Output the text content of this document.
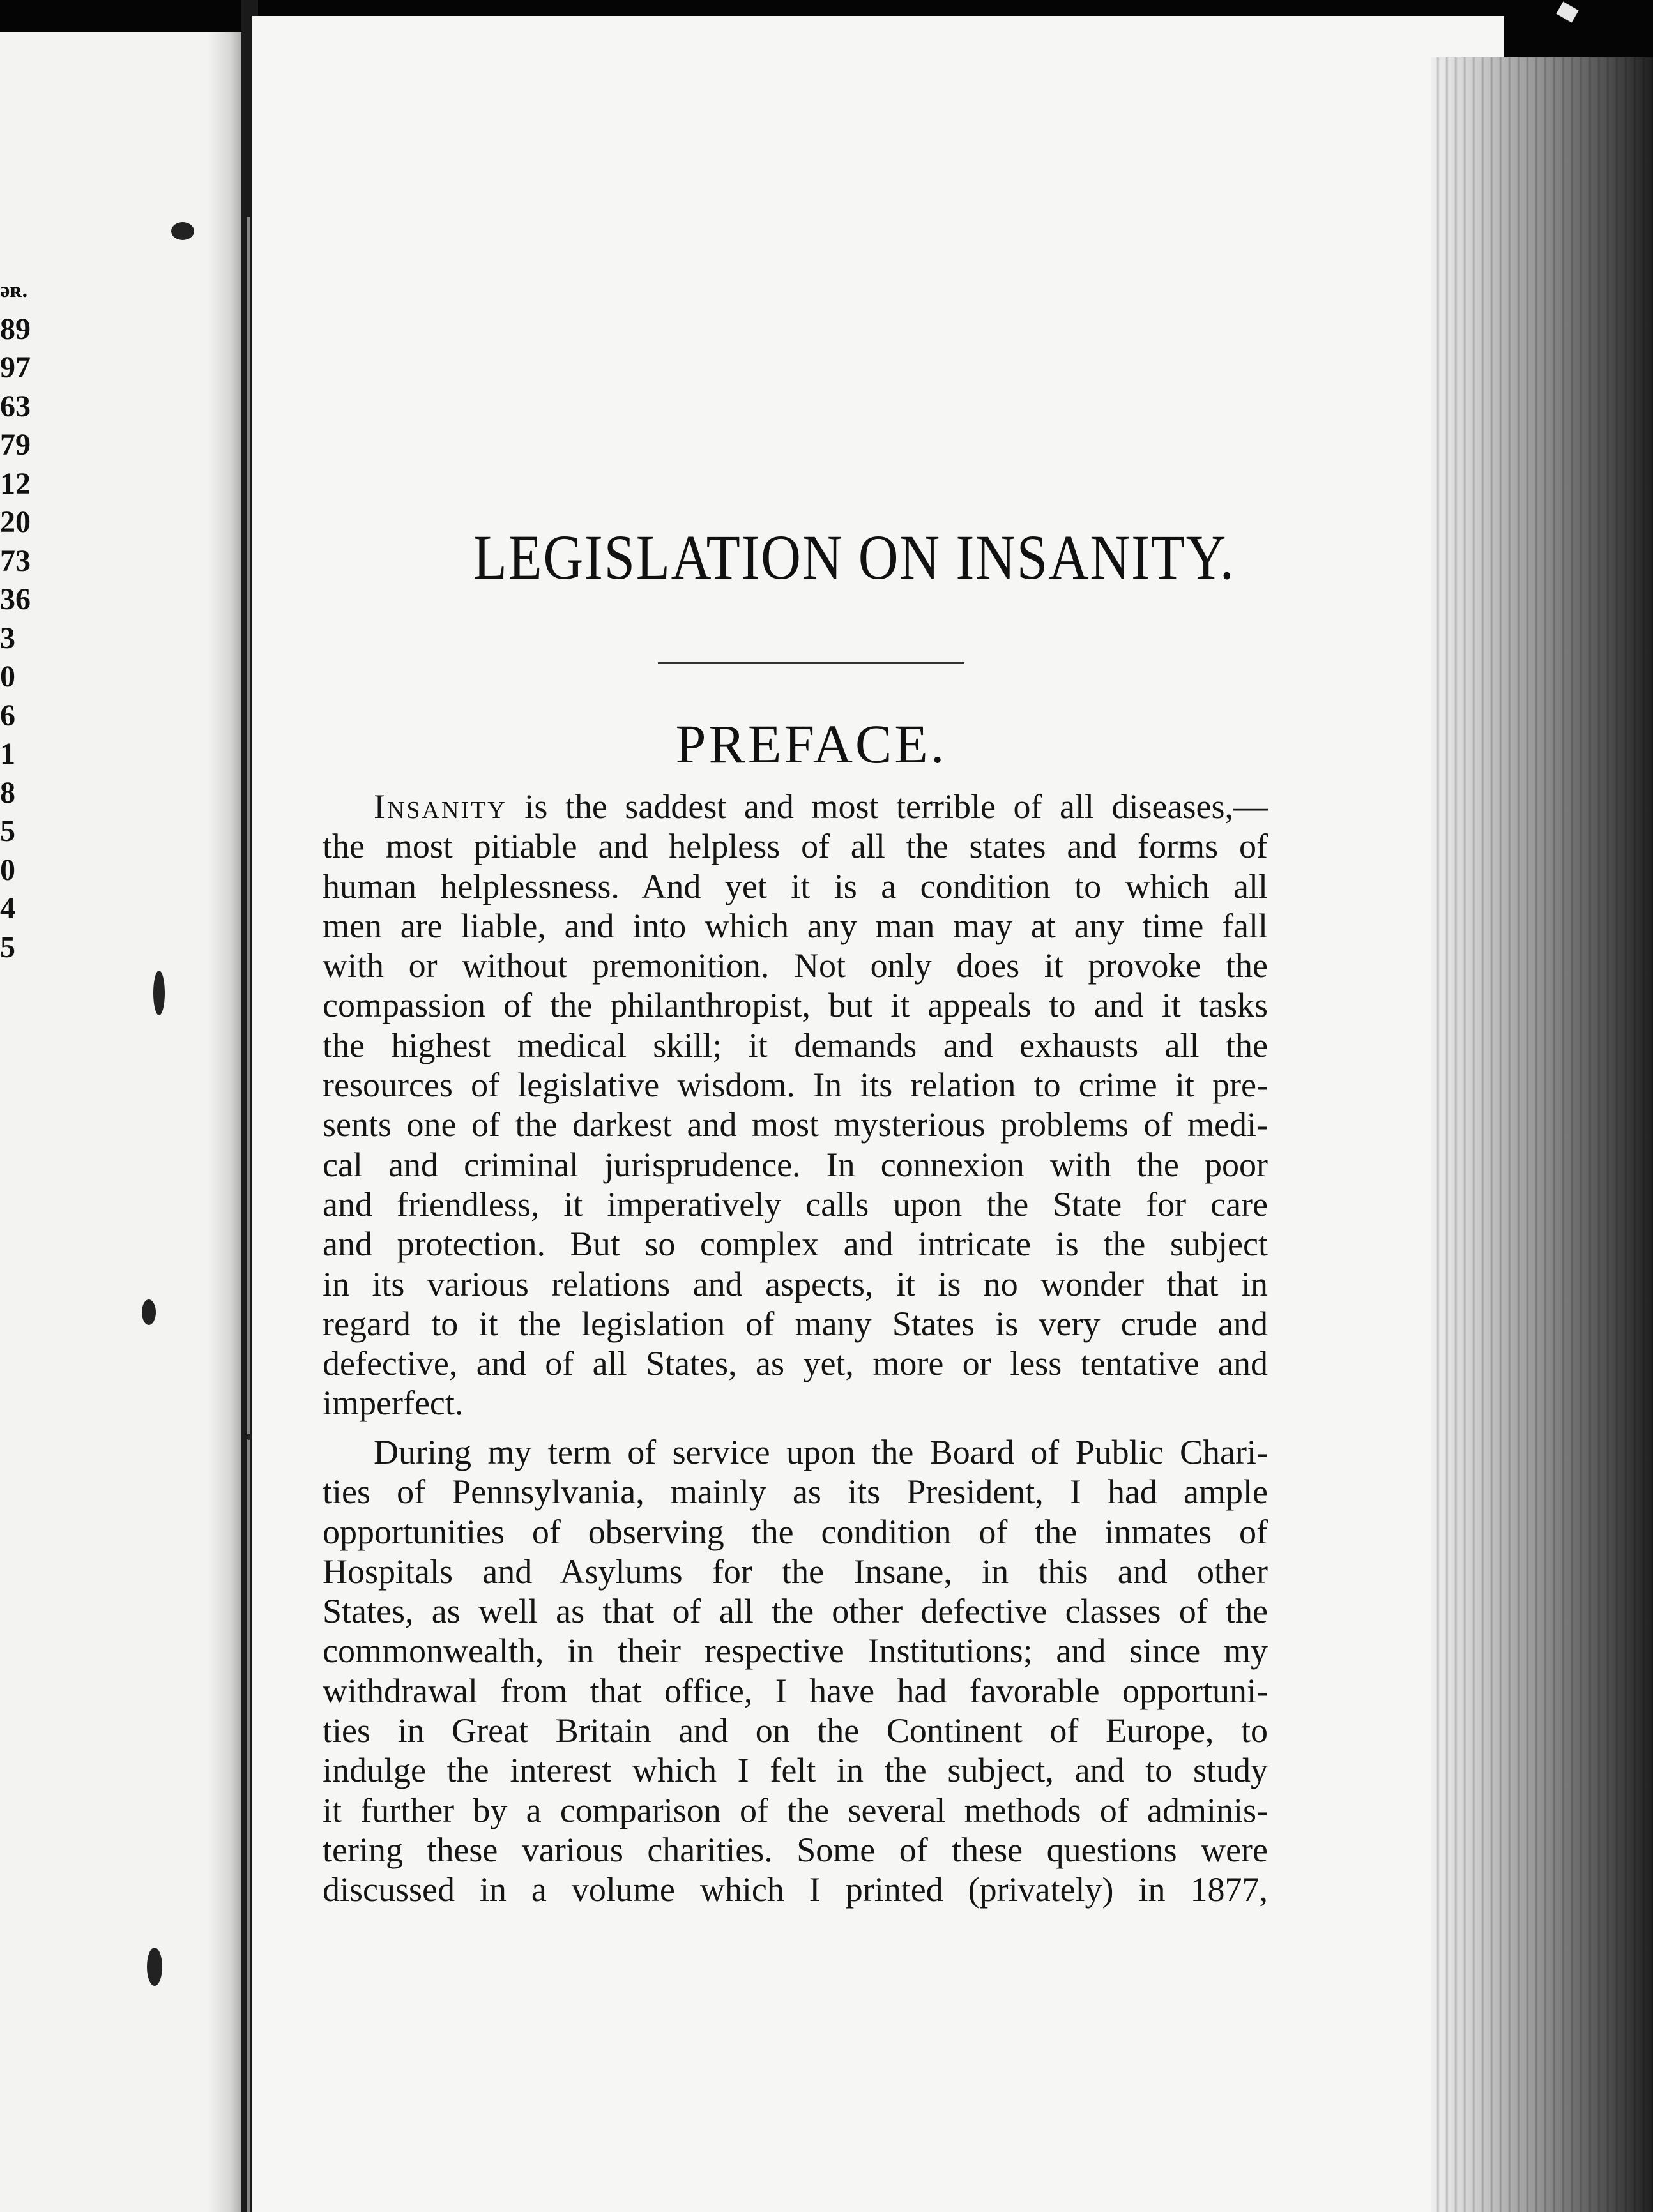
ǝʀ.
89
97
63
79
12
20
73
36
3
0
6
1
8
5
0
4
5
LEGISLATION ON INSANITY.
PREFACE.
Insanity is the saddest and most terrible of all diseases,—
the most pitiable and helpless of all the states and forms of
human helplessness. And yet it is a condition to which all
men are liable, and into which any man may at any time fall
with or without premonition. Not only does it provoke the
compassion of the philanthropist, but it appeals to and it tasks
the highest medical skill; it demands and exhausts all the
resources of legislative wisdom. In its relation to crime it pre-
sents one of the darkest and most mysterious problems of medi-
cal and criminal jurisprudence. In connexion with the poor
and friendless, it imperatively calls upon the State for care
and protection. But so complex and intricate is the subject
in its various relations and aspects, it is no wonder that in
regard to it the legislation of many States is very crude and
defective, and of all States, as yet, more or less tentative and
imperfect.
During my term of service upon the Board of Public Chari-
ties of Pennsylvania, mainly as its President, I had ample
opportunities of observing the condition of the inmates of
Hospitals and Asylums for the Insane, in this and other
States, as well as that of all the other defective classes of the
commonwealth, in their respective Institutions; and since my
withdrawal from that office, I have had favorable opportuni-
ties in Great Britain and on the Continent of Europe, to
indulge the interest which I felt in the subject, and to study
it further by a comparison of the several methods of adminis-
tering these various charities. Some of these questions were
discussed in a volume which I printed (privately) in 1877,
